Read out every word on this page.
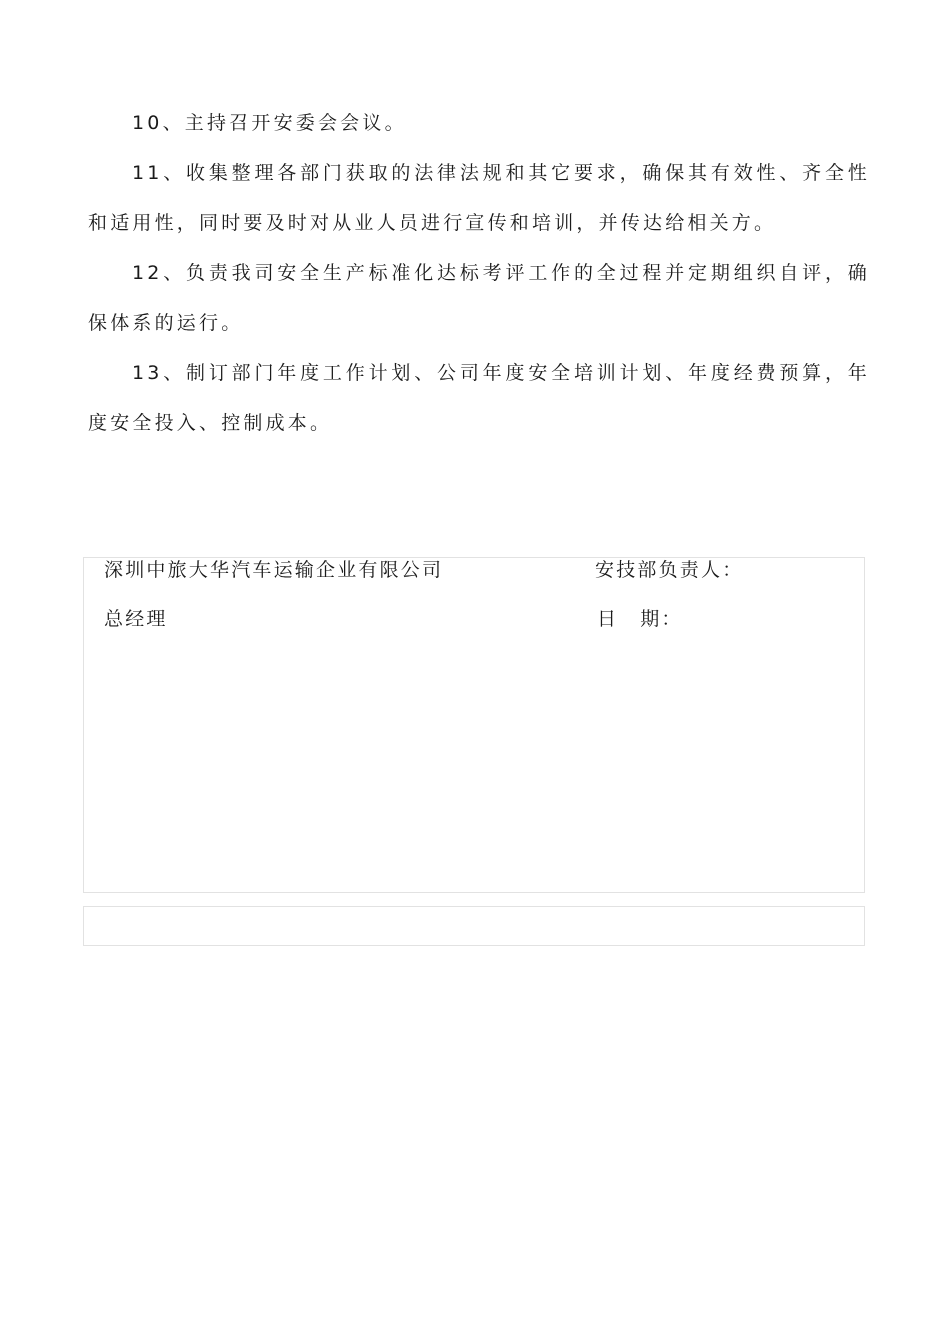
10、主持召开安委会会议。

11、收集整理各部门获取的法律法规和其它要求，确保其有效性、齐全性和适用性，同时要及时对从业人员进行宣传和培训，并传达给相关方。

12、负责我司安全生产标准化达标考评工作的全过程并定期组织自评，确保体系的运行。

13、制订部门年度工作计划、公司年度安全培训计划、年度经费预算，年度安全投入、控制成本。

深圳中旅大华汽车运输企业有限公司
总经理
安技部负责人：
日 期：
